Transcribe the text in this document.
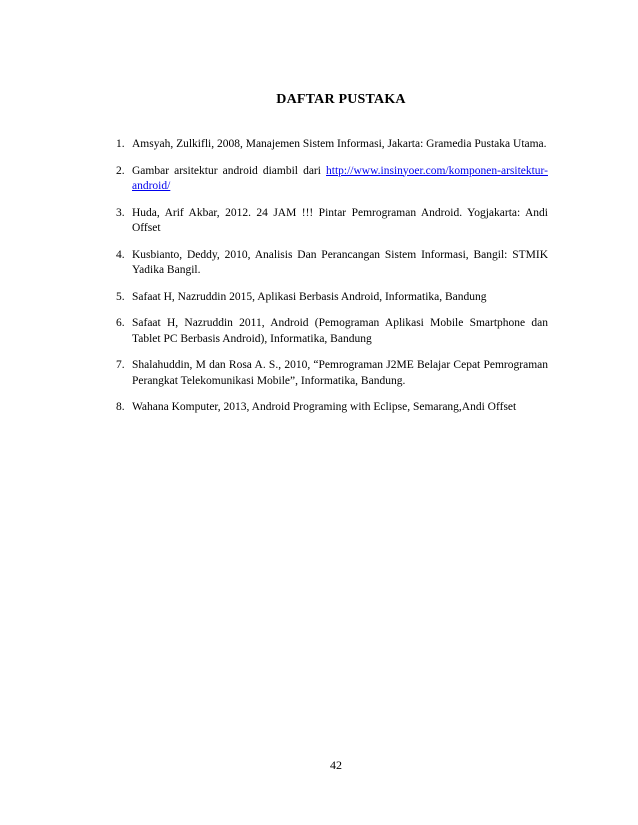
DAFTAR PUSTAKA
1. Amsyah, Zulkifli, 2008, Manajemen Sistem Informasi, Jakarta: Gramedia Pustaka Utama.
2. Gambar arsitektur android diambil dari http://www.insinyoer.com/komponen-arsitektur-android/
3. Huda, Arif Akbar, 2012. 24 JAM !!! Pintar Pemrograman Android. Yogjakarta: Andi Offset
4. Kusbianto, Deddy, 2010, Analisis Dan Perancangan Sistem Informasi, Bangil: STMIK Yadika Bangil.
5. Safaat H, Nazruddin 2015, Aplikasi Berbasis Android, Informatika, Bandung
6. Safaat H, Nazruddin 2011, Android (Pemograman Aplikasi Mobile Smartphone dan Tablet PC Berbasis Android), Informatika, Bandung
7. Shalahuddin, M dan Rosa A. S., 2010, “Pemrograman J2ME Belajar Cepat Pemrograman Perangkat Telekomunikasi Mobile”, Informatika, Bandung.
8. Wahana Komputer, 2013, Android Programing with Eclipse, Semarang,Andi Offset
42
